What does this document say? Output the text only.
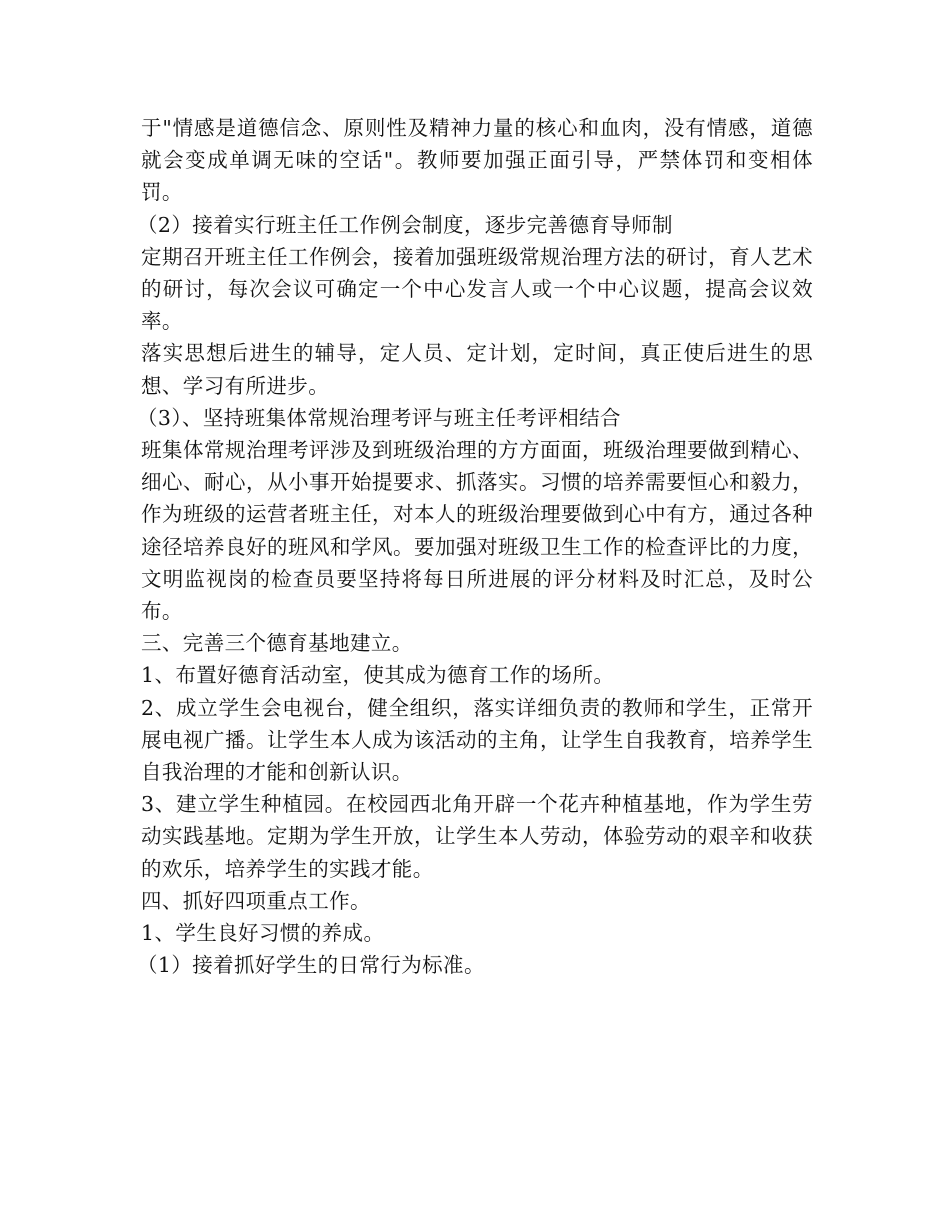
于"情感是道德信念、原则性及精神力量的核心和血肉，没有情感，道德就会变成单调无味的空话"。教师要加强正面引导，严禁体罚和变相体罚。

（2）接着实行班主任工作例会制度，逐步完善德育导师制

定期召开班主任工作例会，接着加强班级常规治理方法的研讨，育人艺术的研讨，每次会议可确定一个中心发言人或一个中心议题，提高会议效率。

落实思想后进生的辅导，定人员、定计划，定时间，真正使后进生的思想、学习有所进步。

（3）、坚持班集体常规治理考评与班主任考评相结合

班集体常规治理考评涉及到班级治理的方方面面，班级治理要做到精心、细心、耐心，从小事开始提要求、抓落实。习惯的培养需要恒心和毅力，作为班级的运营者班主任，对本人的班级治理要做到心中有方，通过各种途径培养良好的班风和学风。要加强对班级卫生工作的检查评比的力度，文明监视岗的检查员要坚持将每日所进展的评分材料及时汇总，及时公布。

三、完善三个德育基地建立。

1、布置好德育活动室，使其成为德育工作的场所。

2、成立学生会电视台，健全组织，落实详细负责的教师和学生，正常开展电视广播。让学生本人成为该活动的主角，让学生自我教育，培养学生自我治理的才能和创新认识。

3、建立学生种植园。在校园西北角开辟一个花卉种植基地，作为学生劳动实践基地。定期为学生开放，让学生本人劳动，体验劳动的艰辛和收获的欢乐，培养学生的实践才能。

四、抓好四项重点工作。

1、学生良好习惯的养成。

（1）接着抓好学生的日常行为标准。
